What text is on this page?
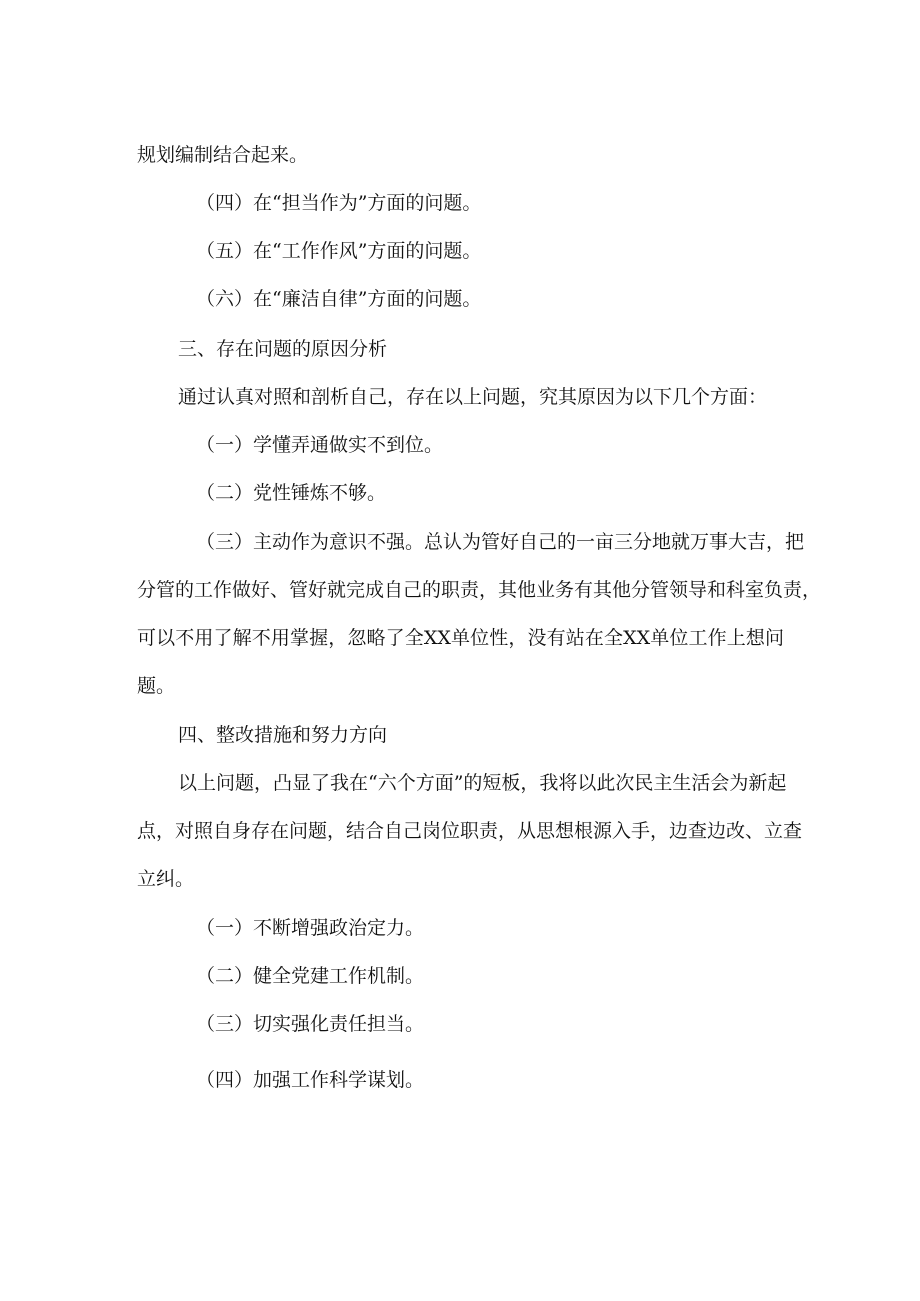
规划编制结合起来。

（四）在“担当作为”方面的问题。

（五）在“工作作风”方面的问题。

（六）在“廉洁自律”方面的问题。

三、存在问题的原因分析

通过认真对照和剖析自己，存在以上问题，究其原因为以下几个方面：

（一）学懂弄通做实不到位。

（二）党性锤炼不够。

（三）主动作为意识不强。总认为管好自己的一亩三分地就万事大吉，把

分管的工作做好、管好就完成自己的职责，其他业务有其他分管领导和科室负责，

可以不用了解不用掌握，忽略了全XX单位性，没有站在全XX单位工作上想问

题。

四、整改措施和努力方向

以上问题，凸显了我在“六个方面”的短板，我将以此次民主生活会为新起

点，对照自身存在问题，结合自己岗位职责，从思想根源入手，边查边改、立查

立纠。

（一）不断增强政治定力。

（二）健全党建工作机制。

（三）切实强化责任担当。

（四）加强工作科学谋划。
